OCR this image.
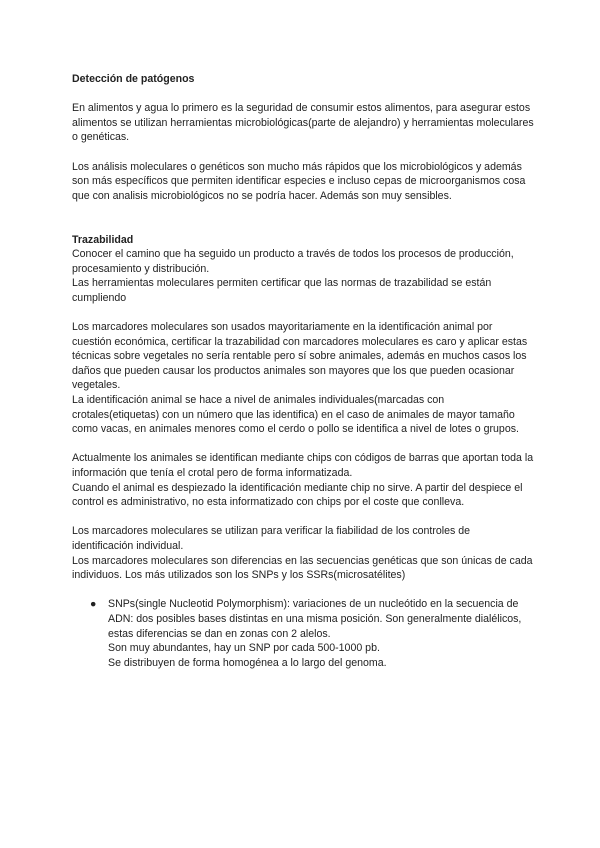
Detección de patógenos

En alimentos y agua lo primero es la seguridad de consumir estos alimentos, para asegurar estos alimentos se utilizan herramientas microbiológicas(parte de alejandro) y herramientas moleculares o genéticas.

Los análisis moleculares o genéticos son mucho más rápidos que los microbiológicos y además son más específicos que permiten identificar especies e incluso cepas de microorganismos cosa que con analisis microbiológicos no se podría hacer. Además son muy sensibles.

Trazabilidad

Conocer el camino que ha seguido un producto a través de todos los procesos de producción, procesamiento y distribución.

Las herramientas moleculares permiten certificar que las normas de trazabilidad se están cumpliendo

Los marcadores moleculares son usados mayoritariamente en la identificación animal por cuestión económica, certificar la trazabilidad con marcadores moleculares es caro y aplicar estas técnicas sobre vegetales no sería rentable pero sí sobre animales, además en muchos casos los daños que pueden causar los productos animales son mayores que los que pueden ocasionar vegetales.

La identificación animal se hace a nivel de animales individuales(marcadas con crotales(etiquetas) con un número que las identifica) en el caso de animales de mayor tamaño como vacas, en animales menores como el cerdo o pollo se identifica a nivel de lotes o grupos.

Actualmente los animales se identifican mediante chips con códigos de barras que aportan toda la información que tenía el crotal pero de forma informatizada.

Cuando el animal es despiezado la identificación mediante chip no sirve. A partir del despiece el control es administrativo, no esta informatizado con chips por el coste que conlleva.

Los marcadores moleculares se utilizan para verificar la fiabilidad de los controles de identificación individual.

Los marcadores moleculares son diferencias en las secuencias genéticas que son únicas de cada individuos. Los más utilizados son los SNPs y los SSRs(microsatélites)

● SNPs(single Nucleotid Polymorphism): variaciones de un nucleótido en la secuencia de ADN: dos posibles bases distintas en una misma posición. Son generalmente dialélicos, estas diferencias se dan en zonas con 2 alelos.
Son muy abundantes, hay un SNP por cada 500-1000 pb.
Se distribuyen de forma homogénea a lo largo del genoma.
